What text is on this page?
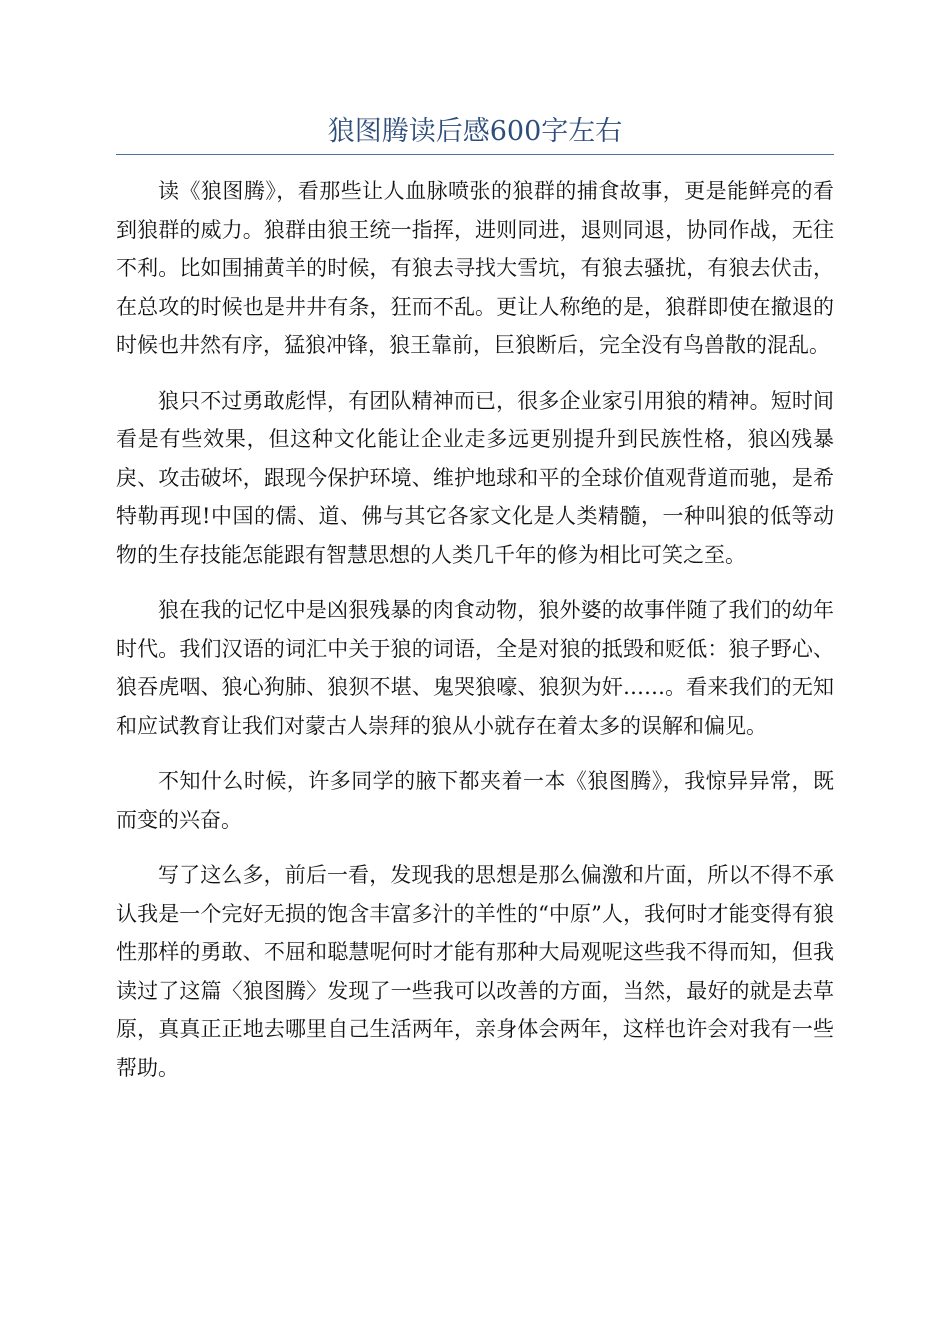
狼图腾读后感600字左右

读《狼图腾》，看那些让人血脉喷张的狼群的捕食故事，更是能鲜亮的看到狼群的威力。狼群由狼王统一指挥，进则同进，退则同退，协同作战，无往不利。比如围捕黄羊的时候，有狼去寻找大雪坑，有狼去骚扰，有狼去伏击，在总攻的时候也是井井有条，狂而不乱。更让人称绝的是，狼群即使在撤退的时候也井然有序，猛狼冲锋，狼王靠前，巨狼断后，完全没有鸟兽散的混乱。

狼只不过勇敢彪悍，有团队精神而已，很多企业家引用狼的精神。短时间看是有些效果，但这种文化能让企业走多远更别提升到民族性格，狼凶残暴戾、攻击破坏，跟现今保护环境、维护地球和平的全球价值观背道而驰，是希特勒再现!中国的儒、道、佛与其它各家文化是人类精髓，一种叫狼的低等动物的生存技能怎能跟有智慧思想的人类几千年的修为相比可笑之至。

狼在我的记忆中是凶狠残暴的肉食动物，狼外婆的故事伴随了我们的幼年时代。我们汉语的词汇中关于狼的词语，全是对狼的抵毁和贬低：狼子野心、狼吞虎咽、狼心狗肺、狼狈不堪、鬼哭狼嚎、狼狈为奸……。看来我们的无知和应试教育让我们对蒙古人崇拜的狼从小就存在着太多的误解和偏见。

不知什么时候，许多同学的腋下都夹着一本《狼图腾》，我惊异异常，既而变的兴奋。

写了这么多，前后一看，发现我的思想是那么偏激和片面，所以不得不承认我是一个完好无损的饱含丰富多汁的羊性的“中原”人，我何时才能变得有狼性那样的勇敢、不屈和聪慧呢何时才能有那种大局观呢这些我不得而知，但我读过了这篇〈狼图腾〉发现了一些我可以改善的方面，当然，最好的就是去草原，真真正正地去哪里自己生活两年，亲身体会两年，这样也许会对我有一些帮助。
